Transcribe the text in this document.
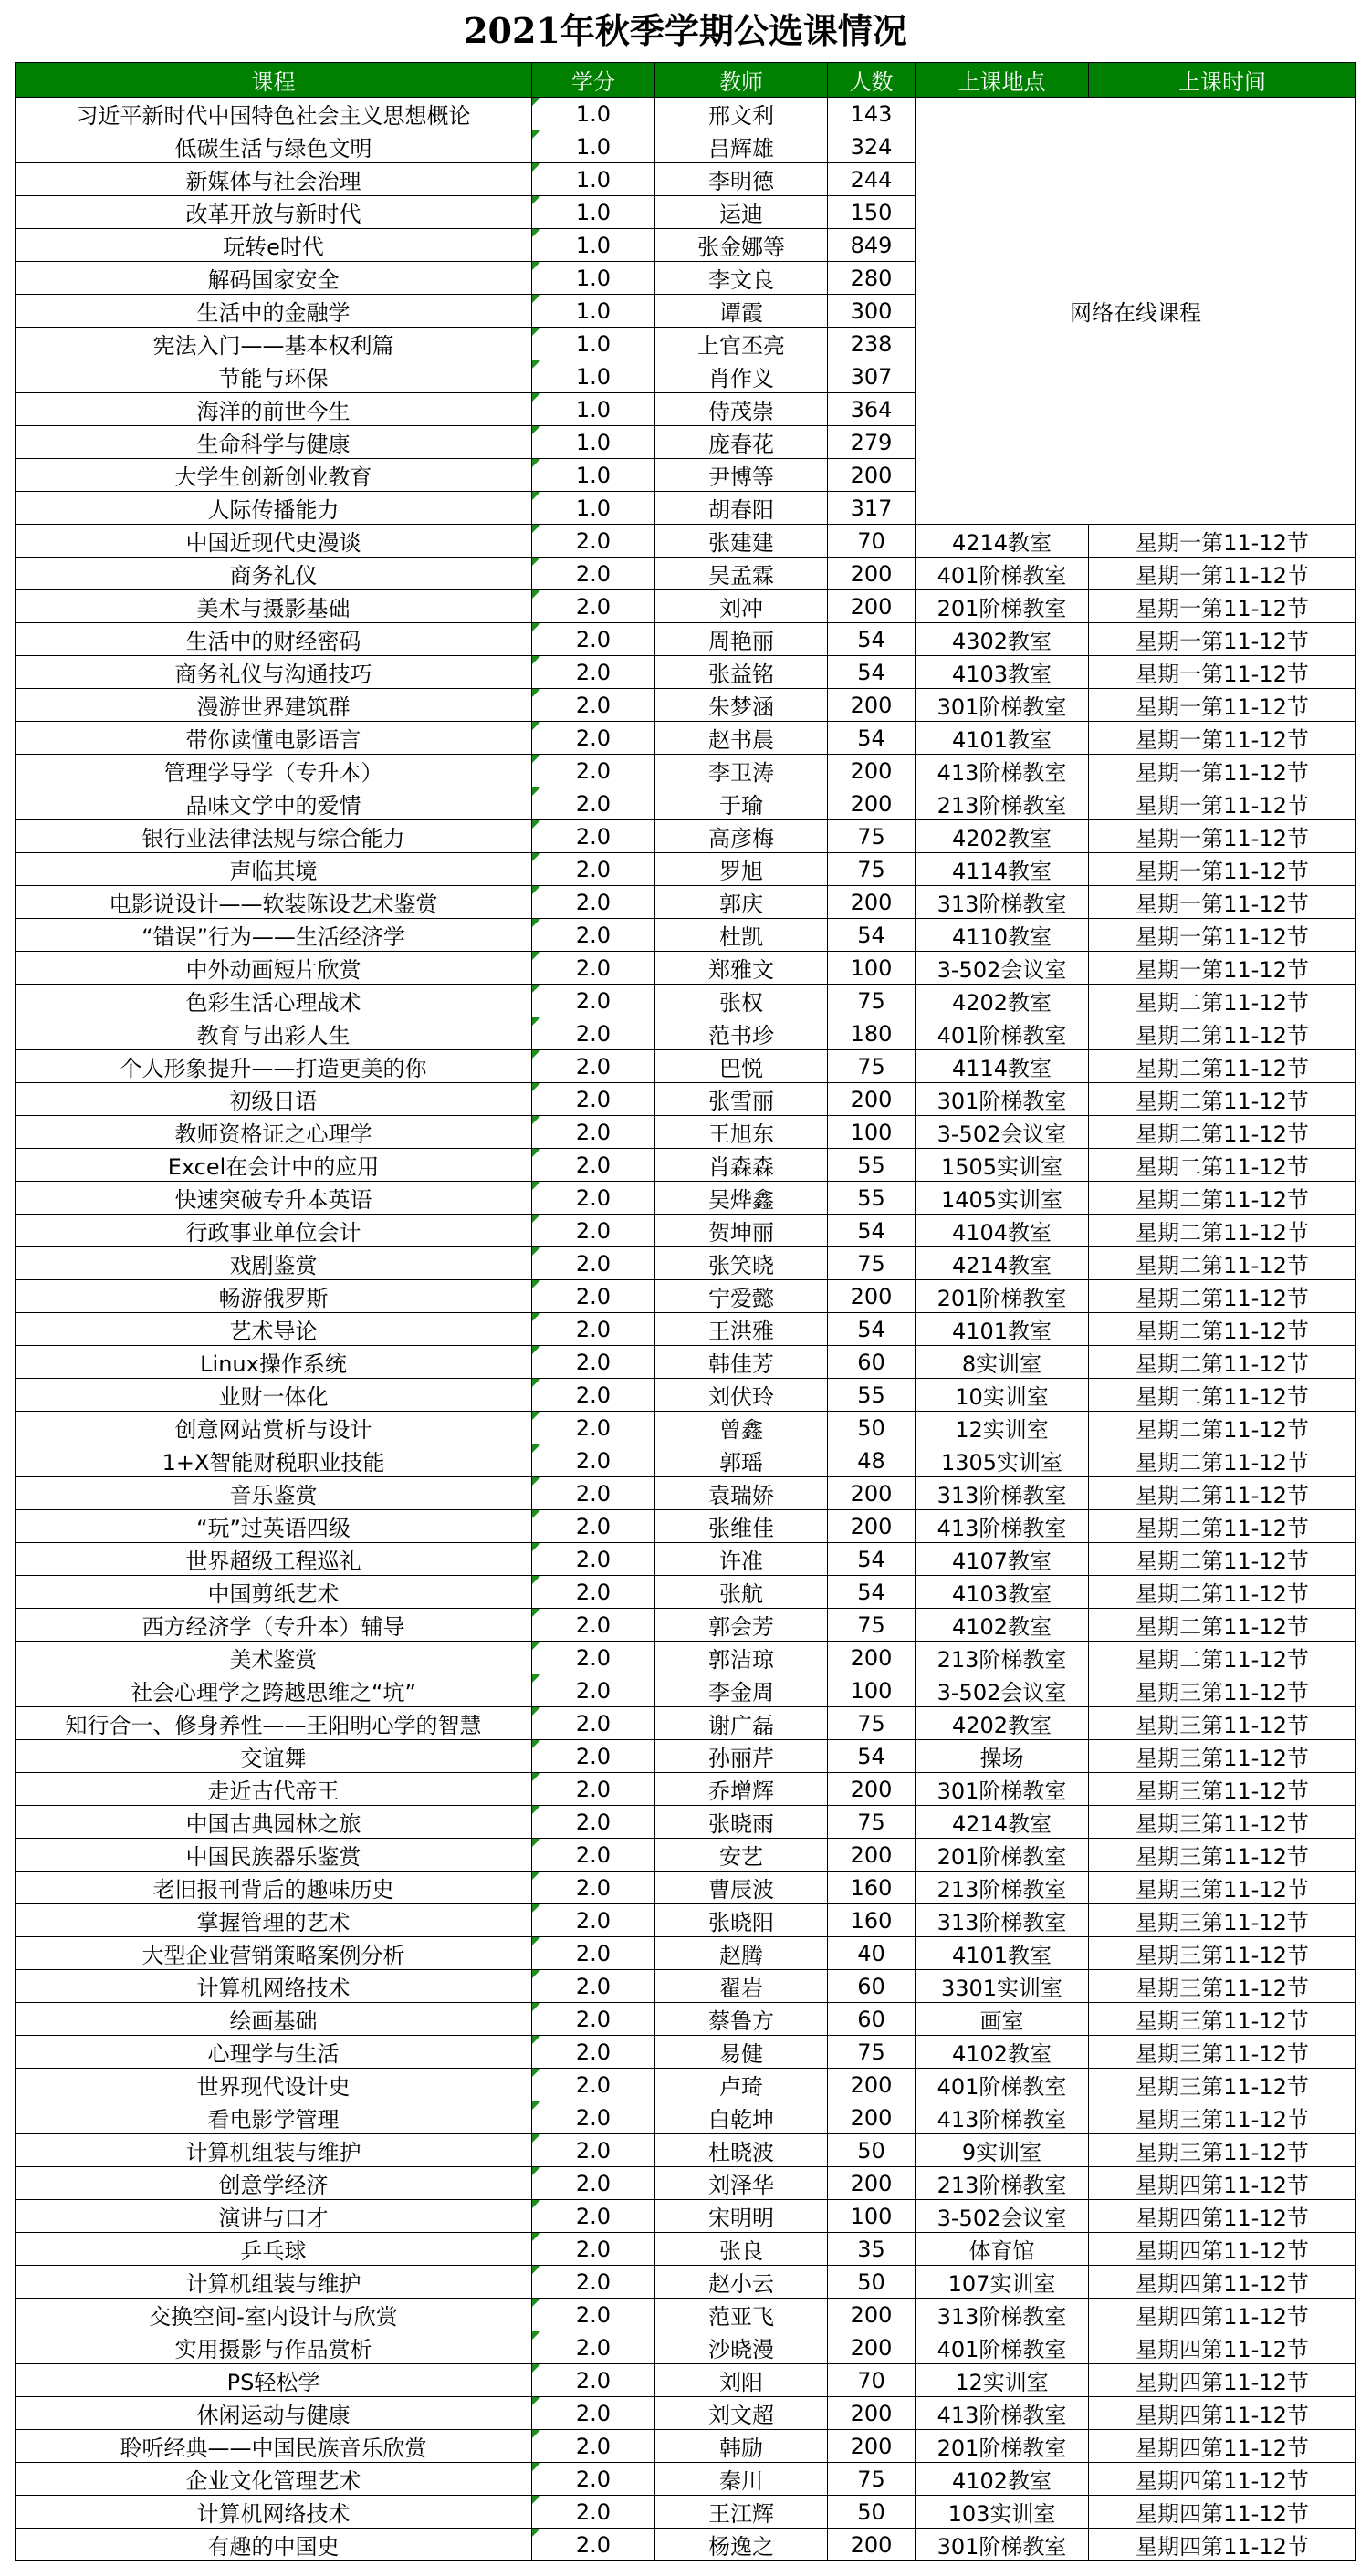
2021年秋季学期公选课情况
课程	学分	教师	人数	上课地点	上课时间
习近平新时代中国特色社会主义思想概论	1.0	邢文利	143	网络在线课程	
低碳生活与绿色文明	1.0	吕辉雄	324		
新媒体与社会治理	1.0	李明德	244		
改革开放与新时代	1.0	运迪	150		
玩转e时代	1.0	张金娜等	849		
解码国家安全	1.0	李文良	280		
生活中的金融学	1.0	谭霞	300		
宪法入门——基本权利篇	1.0	上官丕亮	238		
节能与环保	1.0	肖作义	307		
海洋的前世今生	1.0	侍茂崇	364		
生命科学与健康	1.0	庞春花	279		
大学生创新创业教育	1.0	尹博等	200		
人际传播能力	1.0	胡春阳	317		
中国近现代史漫谈	2.0	张建建	70	4214教室	星期一第11-12节
商务礼仪	2.0	吴孟霖	200	401阶梯教室	星期一第11-12节
美术与摄影基础	2.0	刘冲	200	201阶梯教室	星期一第11-12节
生活中的财经密码	2.0	周艳丽	54	4302教室	星期一第11-12节
商务礼仪与沟通技巧	2.0	张益铭	54	4103教室	星期一第11-12节
漫游世界建筑群	2.0	朱梦涵	200	301阶梯教室	星期一第11-12节
带你读懂电影语言	2.0	赵书晨	54	4101教室	星期一第11-12节
管理学导学（专升本）	2.0	李卫涛	200	413阶梯教室	星期一第11-12节
品味文学中的爱情	2.0	于瑜	200	213阶梯教室	星期一第11-12节
银行业法律法规与综合能力	2.0	高彦梅	75	4202教室	星期一第11-12节
声临其境	2.0	罗旭	75	4114教室	星期一第11-12节
电影说设计——软装陈设艺术鉴赏	2.0	郭庆	200	313阶梯教室	星期一第11-12节
“错误”行为——生活经济学	2.0	杜凯	54	4110教室	星期一第11-12节
中外动画短片欣赏	2.0	郑雅文	100	3-502会议室	星期一第11-12节
色彩生活心理战术	2.0	张权	75	4202教室	星期二第11-12节
教育与出彩人生	2.0	范书珍	180	401阶梯教室	星期二第11-12节
个人形象提升——打造更美的你	2.0	巴悦	75	4114教室	星期二第11-12节
初级日语	2.0	张雪丽	200	301阶梯教室	星期二第11-12节
教师资格证之心理学	2.0	王旭东	100	3-502会议室	星期二第11-12节
Excel在会计中的应用	2.0	肖森森	55	1505实训室	星期二第11-12节
快速突破专升本英语	2.0	吴烨鑫	55	1405实训室	星期二第11-12节
行政事业单位会计	2.0	贺坤丽	54	4104教室	星期二第11-12节
戏剧鉴赏	2.0	张笑晓	75	4214教室	星期二第11-12节
畅游俄罗斯	2.0	宁爱懿	200	201阶梯教室	星期二第11-12节
艺术导论	2.0	王洪雅	54	4101教室	星期二第11-12节
Linux操作系统	2.0	韩佳芳	60	8实训室	星期二第11-12节
业财一体化	2.0	刘伏玲	55	10实训室	星期二第11-12节
创意网站赏析与设计	2.0	曾鑫	50	12实训室	星期二第11-12节
1+X智能财税职业技能	2.0	郭瑶	48	1305实训室	星期二第11-12节
音乐鉴赏	2.0	袁瑞娇	200	313阶梯教室	星期二第11-12节
“玩”过英语四级	2.0	张维佳	200	413阶梯教室	星期二第11-12节
世界超级工程巡礼	2.0	许准	54	4107教室	星期二第11-12节
中国剪纸艺术	2.0	张航	54	4103教室	星期二第11-12节
西方经济学（专升本）辅导	2.0	郭会芳	75	4102教室	星期二第11-12节
美术鉴赏	2.0	郭洁琼	200	213阶梯教室	星期二第11-12节
社会心理学之跨越思维之“坑”	2.0	李金周	100	3-502会议室	星期三第11-12节
知行合一、修身养性——王阳明心学的智慧	2.0	谢广磊	75	4202教室	星期三第11-12节
交谊舞	2.0	孙丽芹	54	操场	星期三第11-12节
走近古代帝王	2.0	乔增辉	200	301阶梯教室	星期三第11-12节
中国古典园林之旅	2.0	张晓雨	75	4214教室	星期三第11-12节
中国民族器乐鉴赏	2.0	安艺	200	201阶梯教室	星期三第11-12节
老旧报刊背后的趣味历史	2.0	曹辰波	160	213阶梯教室	星期三第11-12节
掌握管理的艺术	2.0	张晓阳	160	313阶梯教室	星期三第11-12节
大型企业营销策略案例分析	2.0	赵腾	40	4101教室	星期三第11-12节
计算机网络技术	2.0	翟岩	60	3301实训室	星期三第11-12节
绘画基础	2.0	蔡鲁方	60	画室	星期三第11-12节
心理学与生活	2.0	易健	75	4102教室	星期三第11-12节
世界现代设计史	2.0	卢琦	200	401阶梯教室	星期三第11-12节
看电影学管理	2.0	白乾坤	200	413阶梯教室	星期三第11-12节
计算机组装与维护	2.0	杜晓波	50	9实训室	星期三第11-12节
创意学经济	2.0	刘泽华	200	213阶梯教室	星期四第11-12节
演讲与口才	2.0	宋明明	100	3-502会议室	星期四第11-12节
乒乓球	2.0	张良	35	体育馆	星期四第11-12节
计算机组装与维护	2.0	赵小云	50	107实训室	星期四第11-12节
交换空间-室内设计与欣赏	2.0	范亚飞	200	313阶梯教室	星期四第11-12节
实用摄影与作品赏析	2.0	沙晓漫	200	401阶梯教室	星期四第11-12节
PS轻松学	2.0	刘阳	70	12实训室	星期四第11-12节
休闲运动与健康	2.0	刘文超	200	413阶梯教室	星期四第11-12节
聆听经典——中国民族音乐欣赏	2.0	韩励	200	201阶梯教室	星期四第11-12节
企业文化管理艺术	2.0	秦川	75	4102教室	星期四第11-12节
计算机网络技术	2.0	王江辉	50	103实训室	星期四第11-12节
有趣的中国史	2.0	杨逸之	200	301阶梯教室	星期四第11-12节
